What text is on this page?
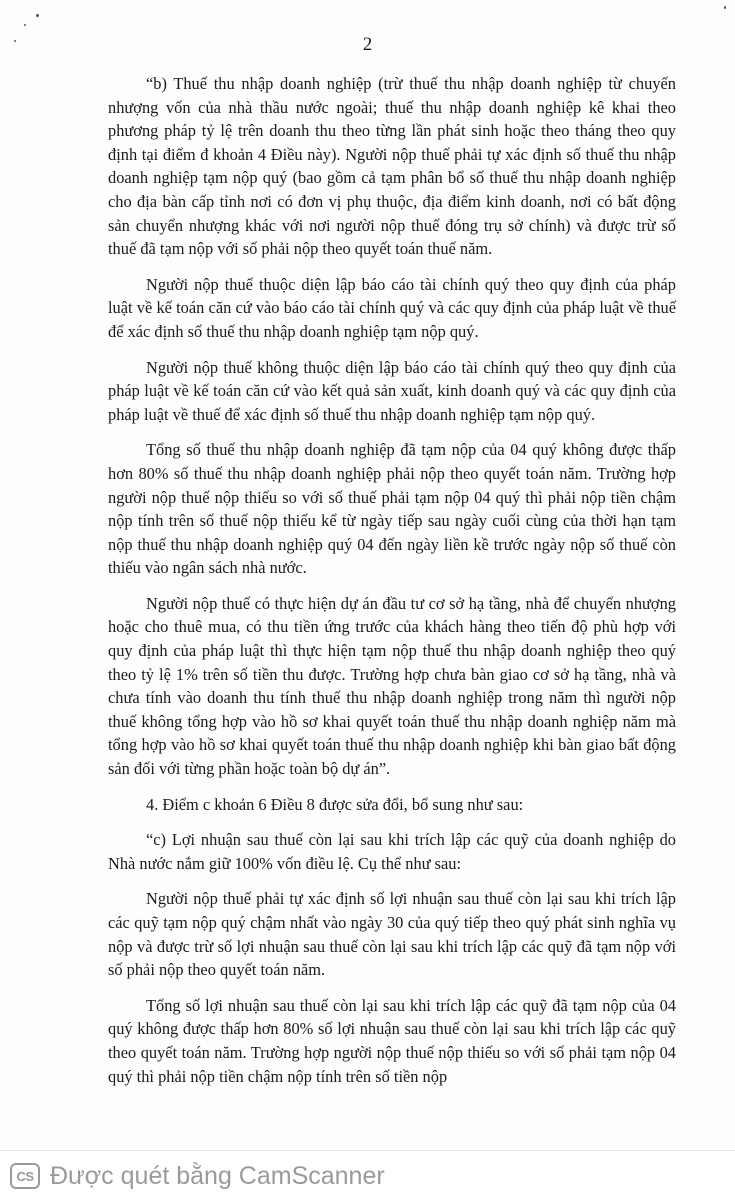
2

“b) Thuế thu nhập doanh nghiệp (trừ thuế thu nhập doanh nghiệp từ chuyển nhượng vốn của nhà thầu nước ngoài; thuế thu nhập doanh nghiệp kê khai theo phương pháp tỷ lệ trên doanh thu theo từng lần phát sinh hoặc theo tháng theo quy định tại điểm đ khoản 4 Điều này). Người nộp thuế phải tự xác định số thuế thu nhập doanh nghiệp tạm nộp quý (bao gồm cả tạm phân bổ số thuế thu nhập doanh nghiệp cho địa bàn cấp tỉnh nơi có đơn vị phụ thuộc, địa điểm kinh doanh, nơi có bất động sản chuyển nhượng khác với nơi người nộp thuế đóng trụ sở chính) và được trừ số thuế đã tạm nộp với số phải nộp theo quyết toán thuế năm.

Người nộp thuế thuộc diện lập báo cáo tài chính quý theo quy định của pháp luật về kế toán căn cứ vào báo cáo tài chính quý và các quy định của pháp luật về thuế để xác định số thuế thu nhập doanh nghiệp tạm nộp quý.

Người nộp thuế không thuộc diện lập báo cáo tài chính quý theo quy định của pháp luật về kế toán căn cứ vào kết quả sản xuất, kinh doanh quý và các quy định của pháp luật về thuế để xác định số thuế thu nhập doanh nghiệp tạm nộp quý.

Tổng số thuế thu nhập doanh nghiệp đã tạm nộp của 04 quý không được thấp hơn 80% số thuế thu nhập doanh nghiệp phải nộp theo quyết toán năm. Trường hợp người nộp thuế nộp thiếu so với số thuế phải tạm nộp 04 quý thì phải nộp tiền chậm nộp tính trên số thuế nộp thiếu kể từ ngày tiếp sau ngày cuối cùng của thời hạn tạm nộp thuế thu nhập doanh nghiệp quý 04 đến ngày liền kề trước ngày nộp số thuế còn thiếu vào ngân sách nhà nước.

Người nộp thuế có thực hiện dự án đầu tư cơ sở hạ tầng, nhà để chuyển nhượng hoặc cho thuê mua, có thu tiền ứng trước của khách hàng theo tiến độ phù hợp với quy định của pháp luật thì thực hiện tạm nộp thuế thu nhập doanh nghiệp theo quý theo tỷ lệ 1% trên số tiền thu được. Trường hợp chưa bàn giao cơ sở hạ tầng, nhà và chưa tính vào doanh thu tính thuế thu nhập doanh nghiệp trong năm thì người nộp thuế không tổng hợp vào hồ sơ khai quyết toán thuế thu nhập doanh nghiệp năm mà tổng hợp vào hồ sơ khai quyết toán thuế thu nhập doanh nghiệp khi bàn giao bất động sản đối với từng phần hoặc toàn bộ dự án”.

4. Điểm c khoản 6 Điều 8 được sửa đổi, bổ sung như sau:

“c) Lợi nhuận sau thuế còn lại sau khi trích lập các quỹ của doanh nghiệp do Nhà nước nắm giữ 100% vốn điều lệ. Cụ thể như sau:

Người nộp thuế phải tự xác định số lợi nhuận sau thuế còn lại sau khi trích lập các quỹ tạm nộp quý chậm nhất vào ngày 30 của quý tiếp theo quý phát sinh nghĩa vụ nộp và được trừ số lợi nhuận sau thuế còn lại sau khi trích lập các quỹ đã tạm nộp với số phải nộp theo quyết toán năm.

Tổng số lợi nhuận sau thuế còn lại sau khi trích lập các quỹ đã tạm nộp của 04 quý không được thấp hơn 80% số lợi nhuận sau thuế còn lại sau khi trích lập các quỹ theo quyết toán năm. Trường hợp người nộp thuế nộp thiếu so với số phải tạm nộp 04 quý thì phải nộp tiền chậm nộp tính trên số tiền nộp

CS Được quét bằng CamScanner
